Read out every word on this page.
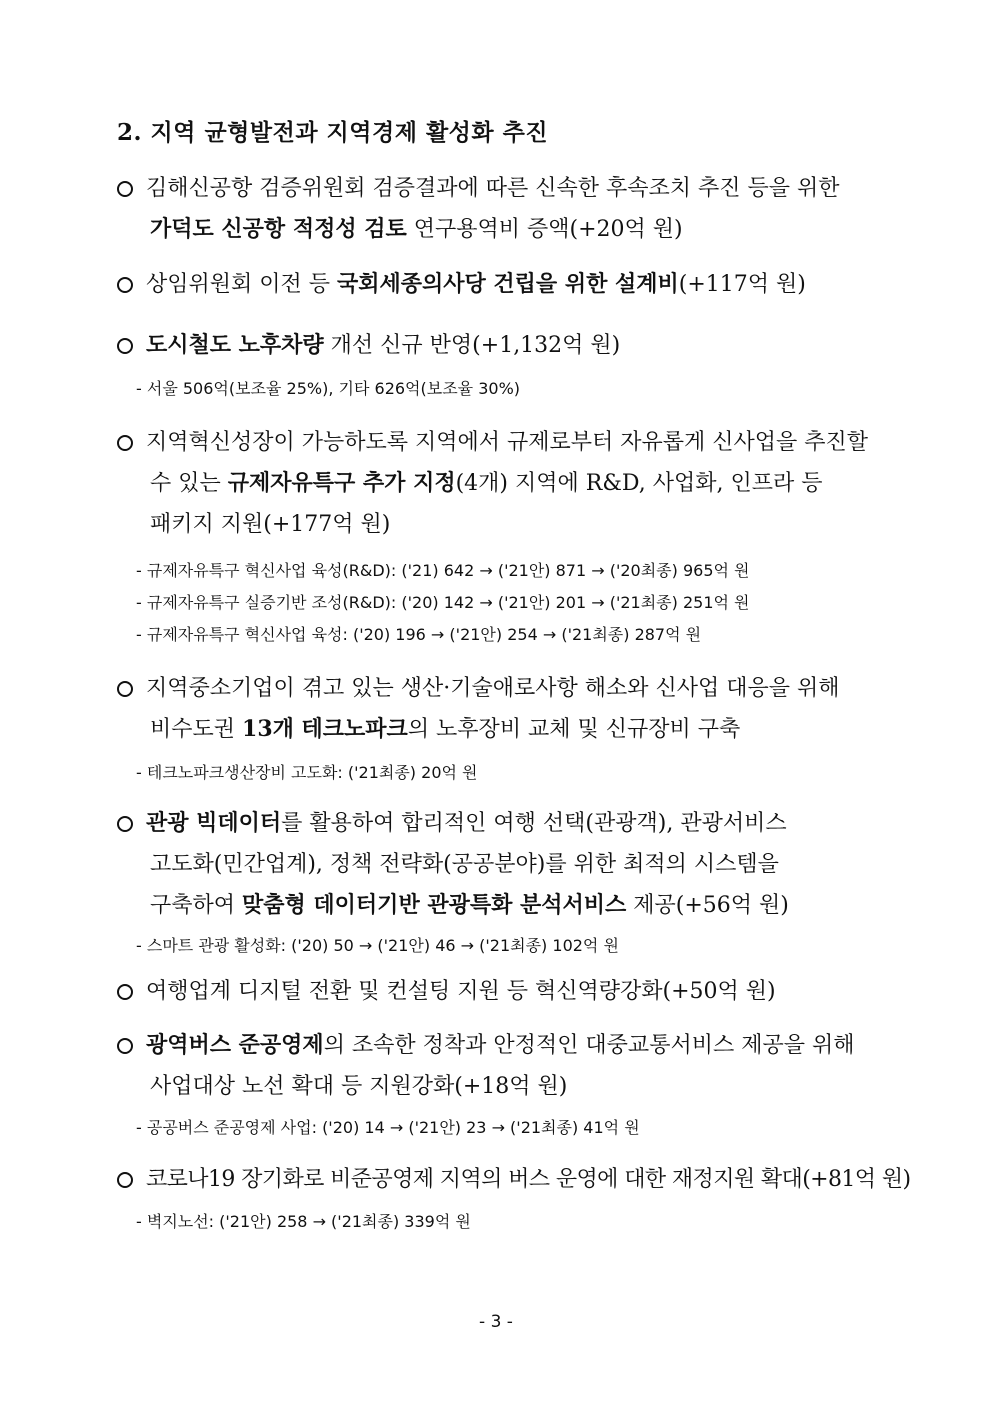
2. 지역 균형발전과 지역경제 활성화 추진
김해신공항 검증위원회 검증결과에 따른 신속한 후속조치 추진 등을 위한
가덕도 신공항 적정성 검토 연구용역비 증액(+20억 원)
상임위원회 이전 등 국회세종의사당 건립을 위한 설계비(+117억 원)
도시철도 노후차량 개선 신규 반영(+1,132억 원)
- 서울 506억(보조율 25%), 기타 626억(보조율 30%)
지역혁신성장이 가능하도록 지역에서 규제로부터 자유롭게 신사업을 추진할
수 있는 규제자유특구 추가 지정(4개) 지역에 R&D, 사업화, 인프라 등
패키지 지원(+177억 원)
- 규제자유특구 혁신사업 육성(R&D): ('21) 642 → ('21안) 871 → ('20최종) 965억 원
- 규제자유특구 실증기반 조성(R&D): ('20) 142 → ('21안) 201 → ('21최종) 251억 원
- 규제자유특구 혁신사업 육성: ('20) 196 → ('21안) 254 → ('21최종) 287억 원
지역중소기업이 겪고 있는 생산·기술애로사항 해소와 신사업 대응을 위해
비수도권 13개 테크노파크의 노후장비 교체 및 신규장비 구축
- 테크노파크생산장비 고도화: ('21최종) 20억 원
관광 빅데이터를 활용하여 합리적인 여행 선택(관광객), 관광서비스
고도화(민간업계), 정책 전략화(공공분야)를 위한 최적의 시스템을
구축하여 맞춤형 데이터기반 관광특화 분석서비스 제공(+56억 원)
- 스마트 관광 활성화: ('20) 50 → ('21안) 46 → ('21최종) 102억 원
여행업계 디지털 전환 및 컨설팅 지원 등 혁신역량강화(+50억 원)
광역버스 준공영제의 조속한 정착과 안정적인 대중교통서비스 제공을 위해
사업대상 노선 확대 등 지원강화(+18억 원)
- 공공버스 준공영제 사업: ('20) 14 → ('21안) 23 → ('21최종) 41억 원
코로나19 장기화로 비준공영제 지역의 버스 운영에 대한 재정지원 확대(+81억 원)
- 벽지노선: ('21안) 258 → ('21최종) 339억 원
- 3 -
